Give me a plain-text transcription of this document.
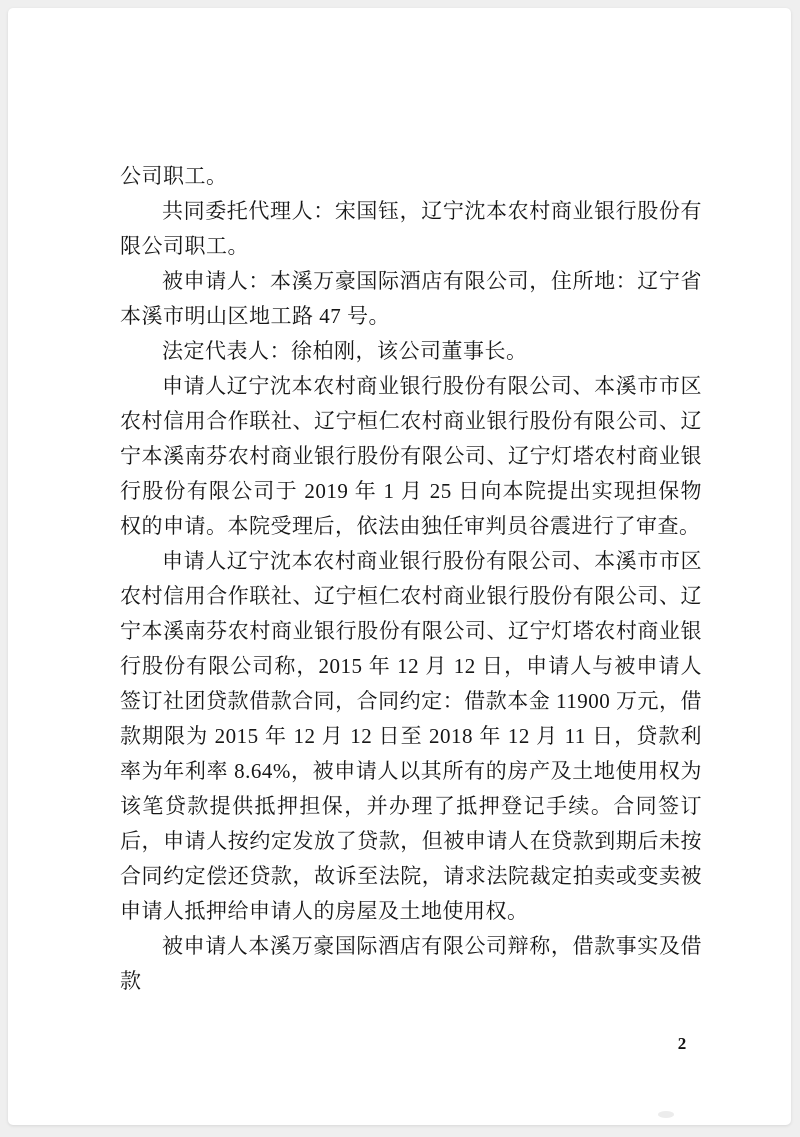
公司职工。

共同委托代理人：宋国钰，辽宁沈本农村商业银行股份有限公司职工。

被申请人：本溪万豪国际酒店有限公司，住所地：辽宁省本溪市明山区地工路 47 号。

法定代表人：徐柏刚，该公司董事长。

申请人辽宁沈本农村商业银行股份有限公司、本溪市市区农村信用合作联社、辽宁桓仁农村商业银行股份有限公司、辽宁本溪南芬农村商业银行股份有限公司、辽宁灯塔农村商业银行股份有限公司于 2019 年 1 月 25 日向本院提出实现担保物权的申请。本院受理后，依法由独任审判员谷震进行了审查。

申请人辽宁沈本农村商业银行股份有限公司、本溪市市区农村信用合作联社、辽宁桓仁农村商业银行股份有限公司、辽宁本溪南芬农村商业银行股份有限公司、辽宁灯塔农村商业银行股份有限公司称，2015 年 12 月 12 日，申请人与被申请人签订社团贷款借款合同，合同约定：借款本金 11900 万元，借款期限为 2015 年 12 月 12 日至 2018 年 12 月 11 日，贷款利率为年利率 8.64%，被申请人以其所有的房产及土地使用权为该笔贷款提供抵押担保，并办理了抵押登记手续。合同签订后，申请人按约定发放了贷款，但被申请人在贷款到期后未按合同约定偿还贷款，故诉至法院，请求法院裁定拍卖或变卖被申请人抵押给申请人的房屋及土地使用权。

被申请人本溪万豪国际酒店有限公司辩称，借款事实及借款

2
